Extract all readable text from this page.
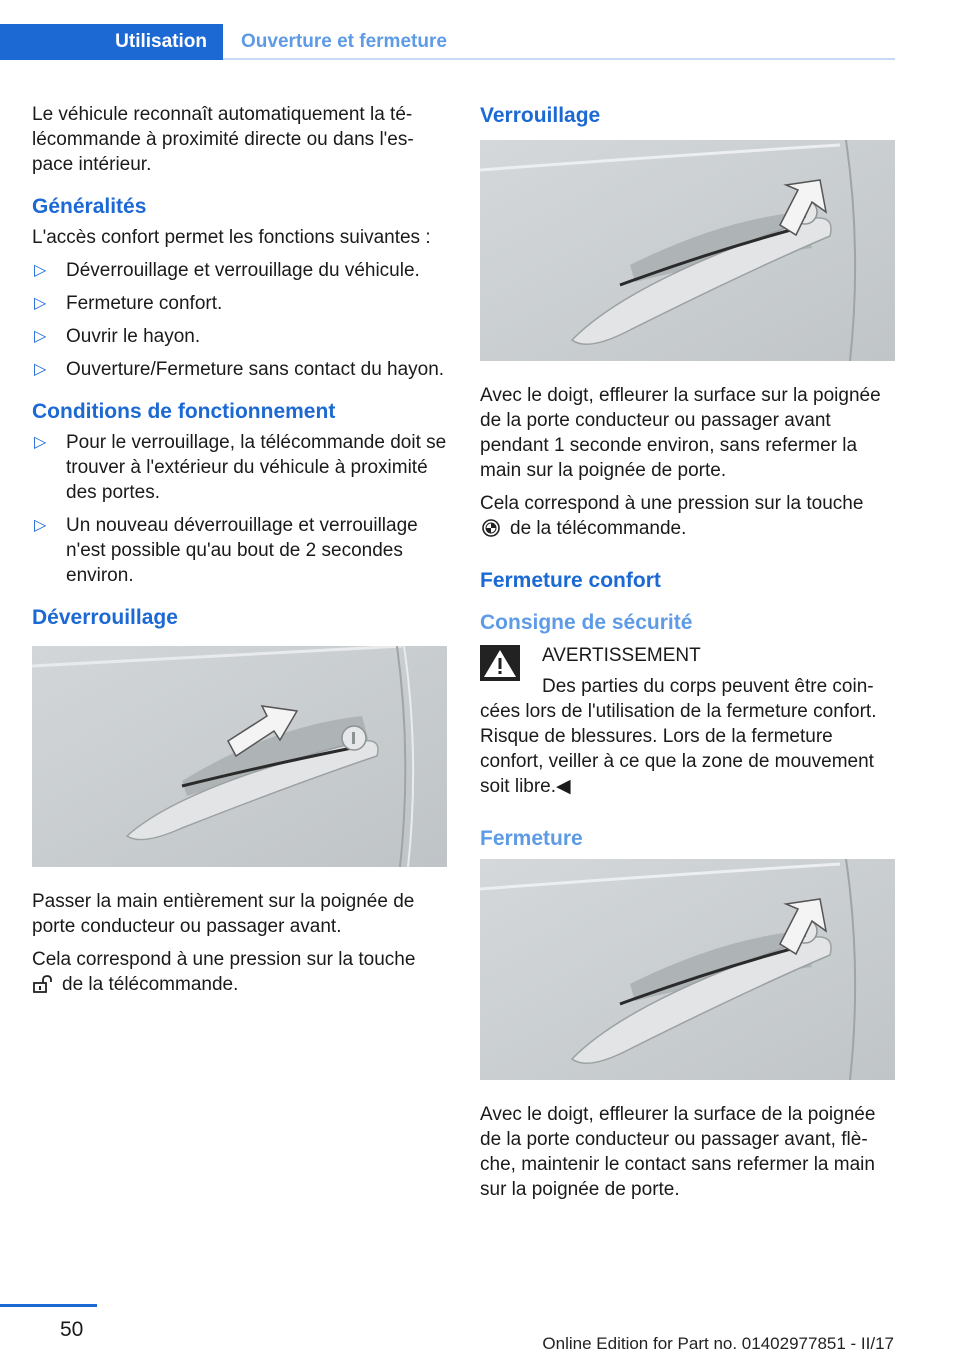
Utilisation	Ouverture et fermeture

Le véhicule reconnaît automatiquement la télécommande à proximité directe ou dans l'espace intérieur.

Généralités

L'accès confort permet les fonctions suivantes :

▷ Déverrouillage et verrouillage du véhicule.
▷ Fermeture confort.
▷ Ouvrir le hayon.
▷ Ouverture/Fermeture sans contact du hayon.
Conditions de fonctionnement
▷ Pour le verrouillage, la télécommande doit se trouver à l'extérieur du véhicule à proximité des portes.
▷ Un nouveau déverrouillage et verrouillage n'est possible qu'au bout de 2 secondes environ.
Déverrouillage

Passer la main entièrement sur la poignée de porte conducteur ou passager avant.

Cela correspond à une pression sur la touche
de la télécommande.

Verrouillage

Avec le doigt, effleurer la surface sur la poignée de la porte conducteur ou passager avant pendant 1 seconde environ, sans refermer la main sur la poignée de porte.

Cela correspond à une pression sur la touche
de la télécommande.

Fermeture confort
Consigne de sécurité
AVERTISSEMENT
Des parties du corps peuvent être coincées lors de l'utilisation de la fermeture confort. Risque de blessures. Lors de la fermeture confort, veiller à ce que la zone de mouvement soit libre.◀
Fermeture

Avec le doigt, effleurer la surface de la poignée de la porte conducteur ou passager avant, flèche, maintenir le contact sans refermer la main sur la poignée de porte.

50
Online Edition for Part no. 01402977851 - II/17
